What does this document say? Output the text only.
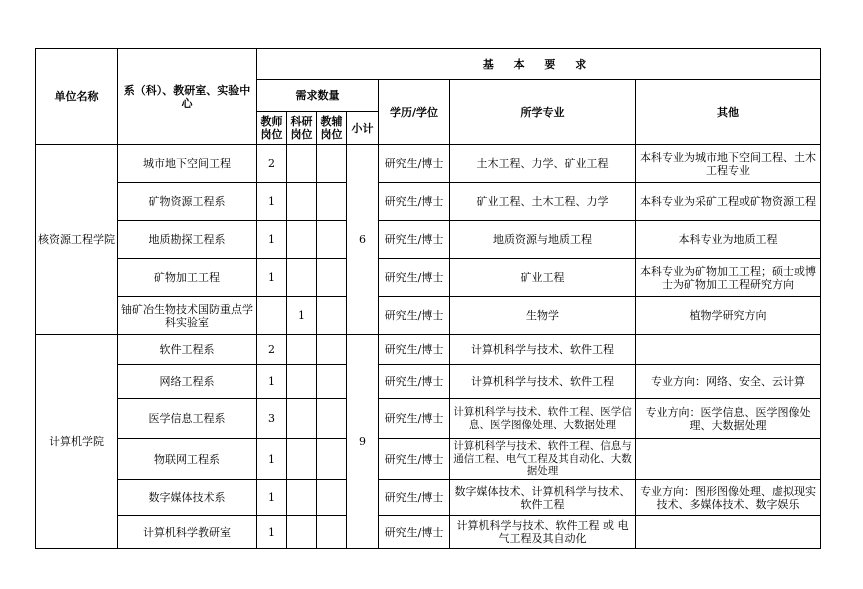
单位名称	系（科）、教研室、实验中心	基 本 要 求						
		需求数量				学历/学位	所学专业	其他
		教师岗位	科研岗位	教辅岗位	小计			
核资源工程学院	城市地下空间工程	2			6	研究生/博士	土木工程、力学、矿业工程	本科专业为城市地下空间工程、土木工程专业
	矿物资源工程系	1				研究生/博士	矿业工程、土木工程、力学	本科专业为采矿工程或矿物资源工程
	地质勘探工程系	1				研究生/博士	地质资源与地质工程	本科专业为地质工程
	矿物加工工程	1				研究生/博士	矿业工程	本科专业为矿物加工工程；硕士或博士为矿物加工工程研究方向
	铀矿冶生物技术国防重点学科实验室		1			研究生/博士	生物学	植物学研究方向
计算机学院	软件工程系	2			9	研究生/博士	计算机科学与技术、软件工程	
	网络工程系	1				研究生/博士	计算机科学与技术、软件工程	专业方向：网络、安全、云计算
	医学信息工程系	3				研究生/博士	计算机科学与技术、软件工程、医学信息、医学图像处理、大数据处理	专业方向：医学信息、医学图像处理、大数据处理
	物联网工程系	1				研究生/博士	计算机科学与技术、软件工程、信息与通信工程、电气工程及其自动化、大数据处理	
	数字媒体技术系	1				研究生/博士	数字媒体技术、计算机科学与技术、软件工程	专业方向：图形图像处理、虚拟现实技术、多媒体技术、数字娱乐
	计算机科学教研室	1				研究生/博士	计算机科学与技术、软件工程 或 电气工程及其自动化	
